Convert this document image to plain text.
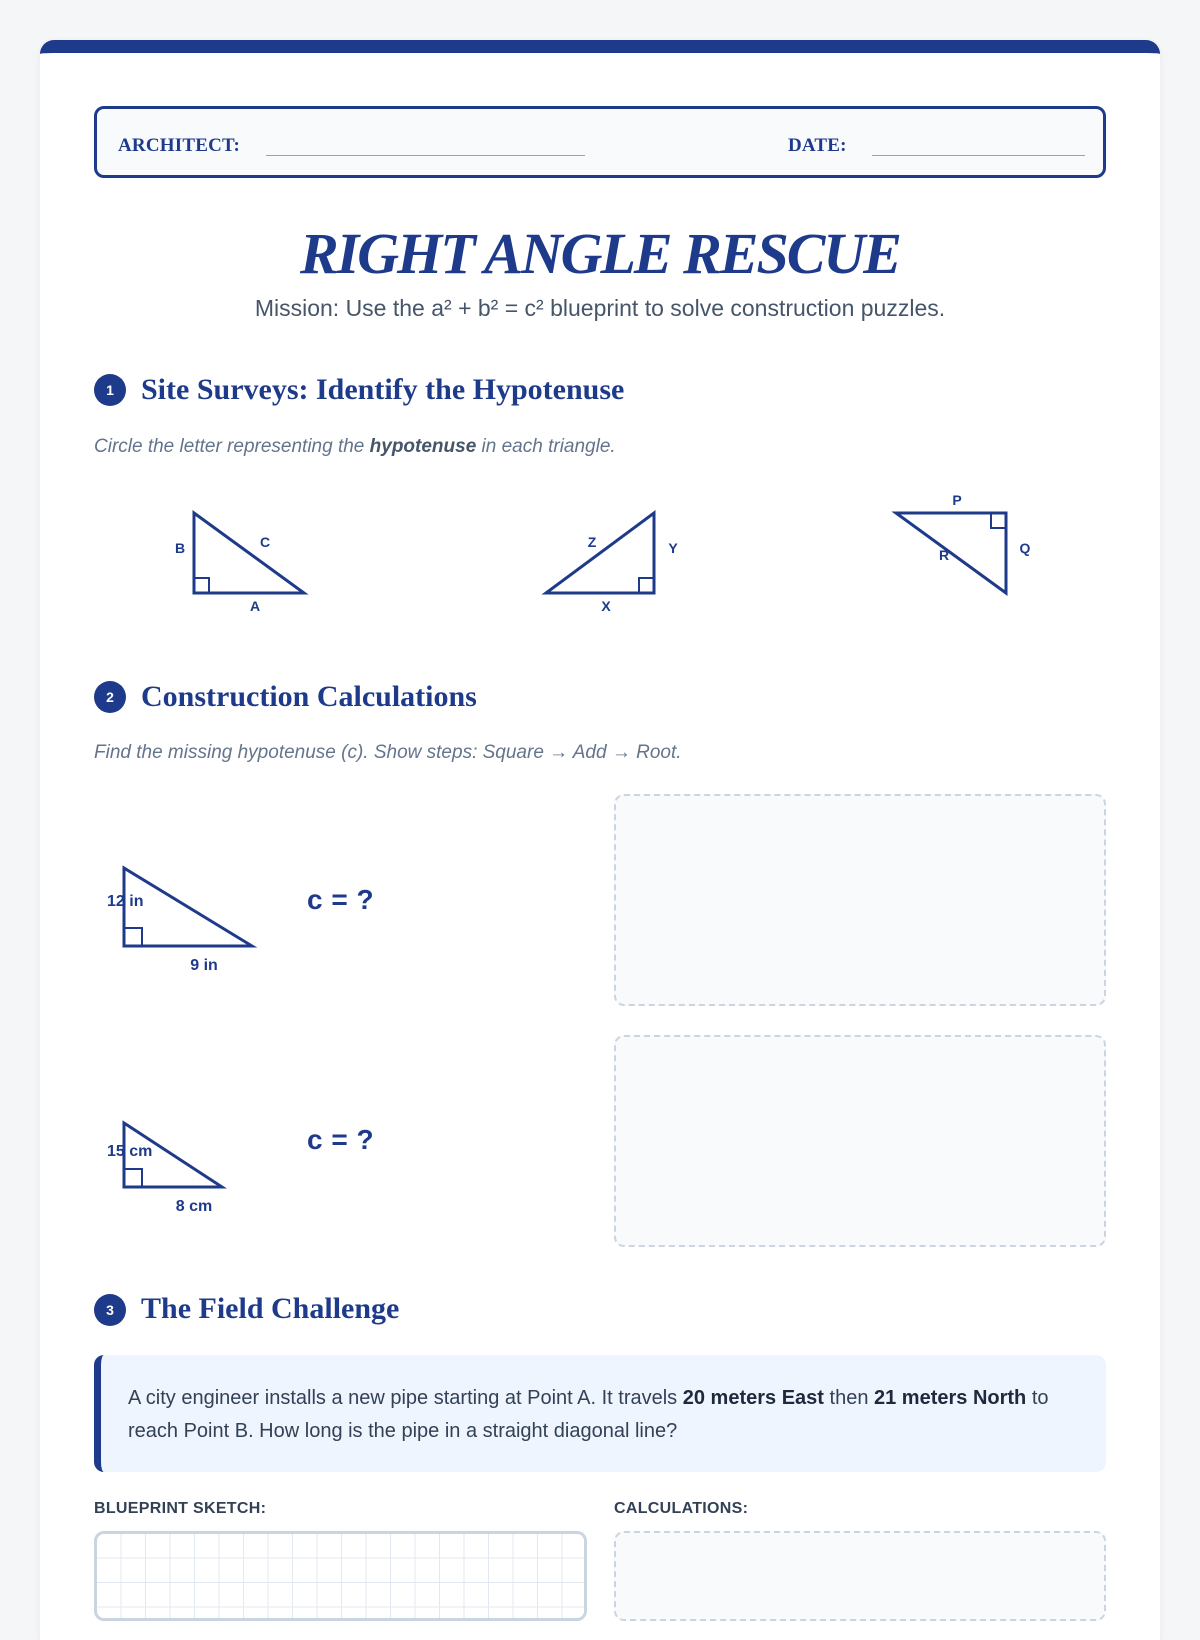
ARCHITECT:	DATE:
RIGHT ANGLE RESCUE
Mission: Use the a² + b² = c² blueprint to solve construction puzzles.
1 Site Surveys: Identify the Hypotenuse
Circle the letter representing the hypotenuse in each triangle.
B	C
A
Z	Y
X
P
R	Q
2 Construction Calculations
Find the missing hypotenuse (c). Show steps: Square → Add → Root.
12 in
9 in
c = ?
15 cm
8 cm
c = ?
3 The Field Challenge
A city engineer installs a new pipe starting at Point A. It travels 20 meters East then 21 meters North to reach Point B. How long is the pipe in a straight diagonal line?
BLUEPRINT SKETCH:	CALCULATIONS:
